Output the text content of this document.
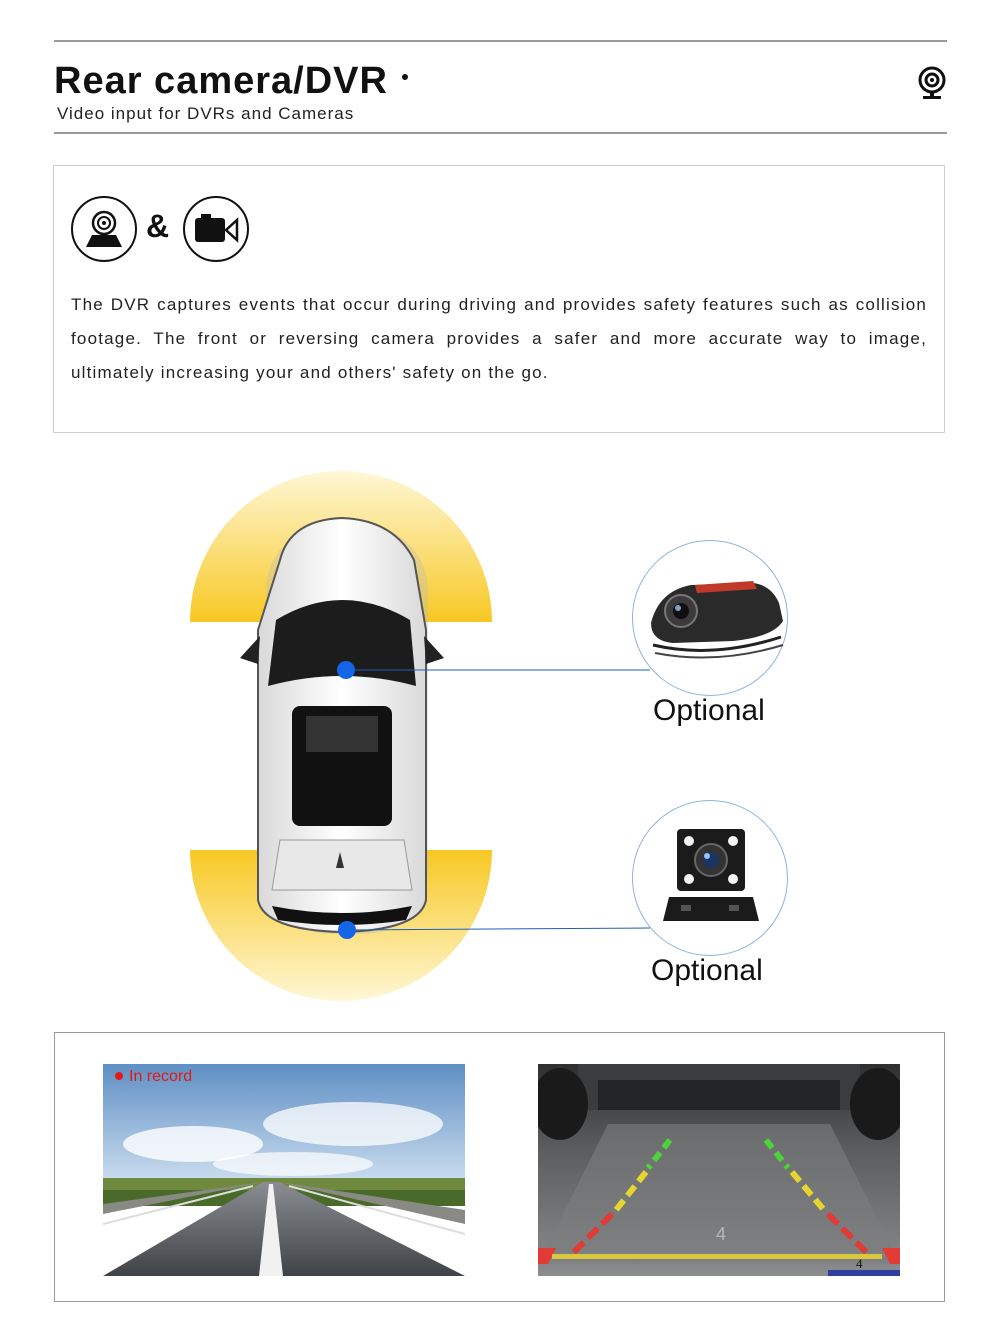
Rear camera/DVR
Video input for DVRs and Cameras
&
The DVR captures events that occur during driving and provides safety features such as collision footage. The front or reversing camera provides a safer and more accurate way to image, ultimately increasing your and others' safety on the go.
Optional
Optional
In record
4
4
